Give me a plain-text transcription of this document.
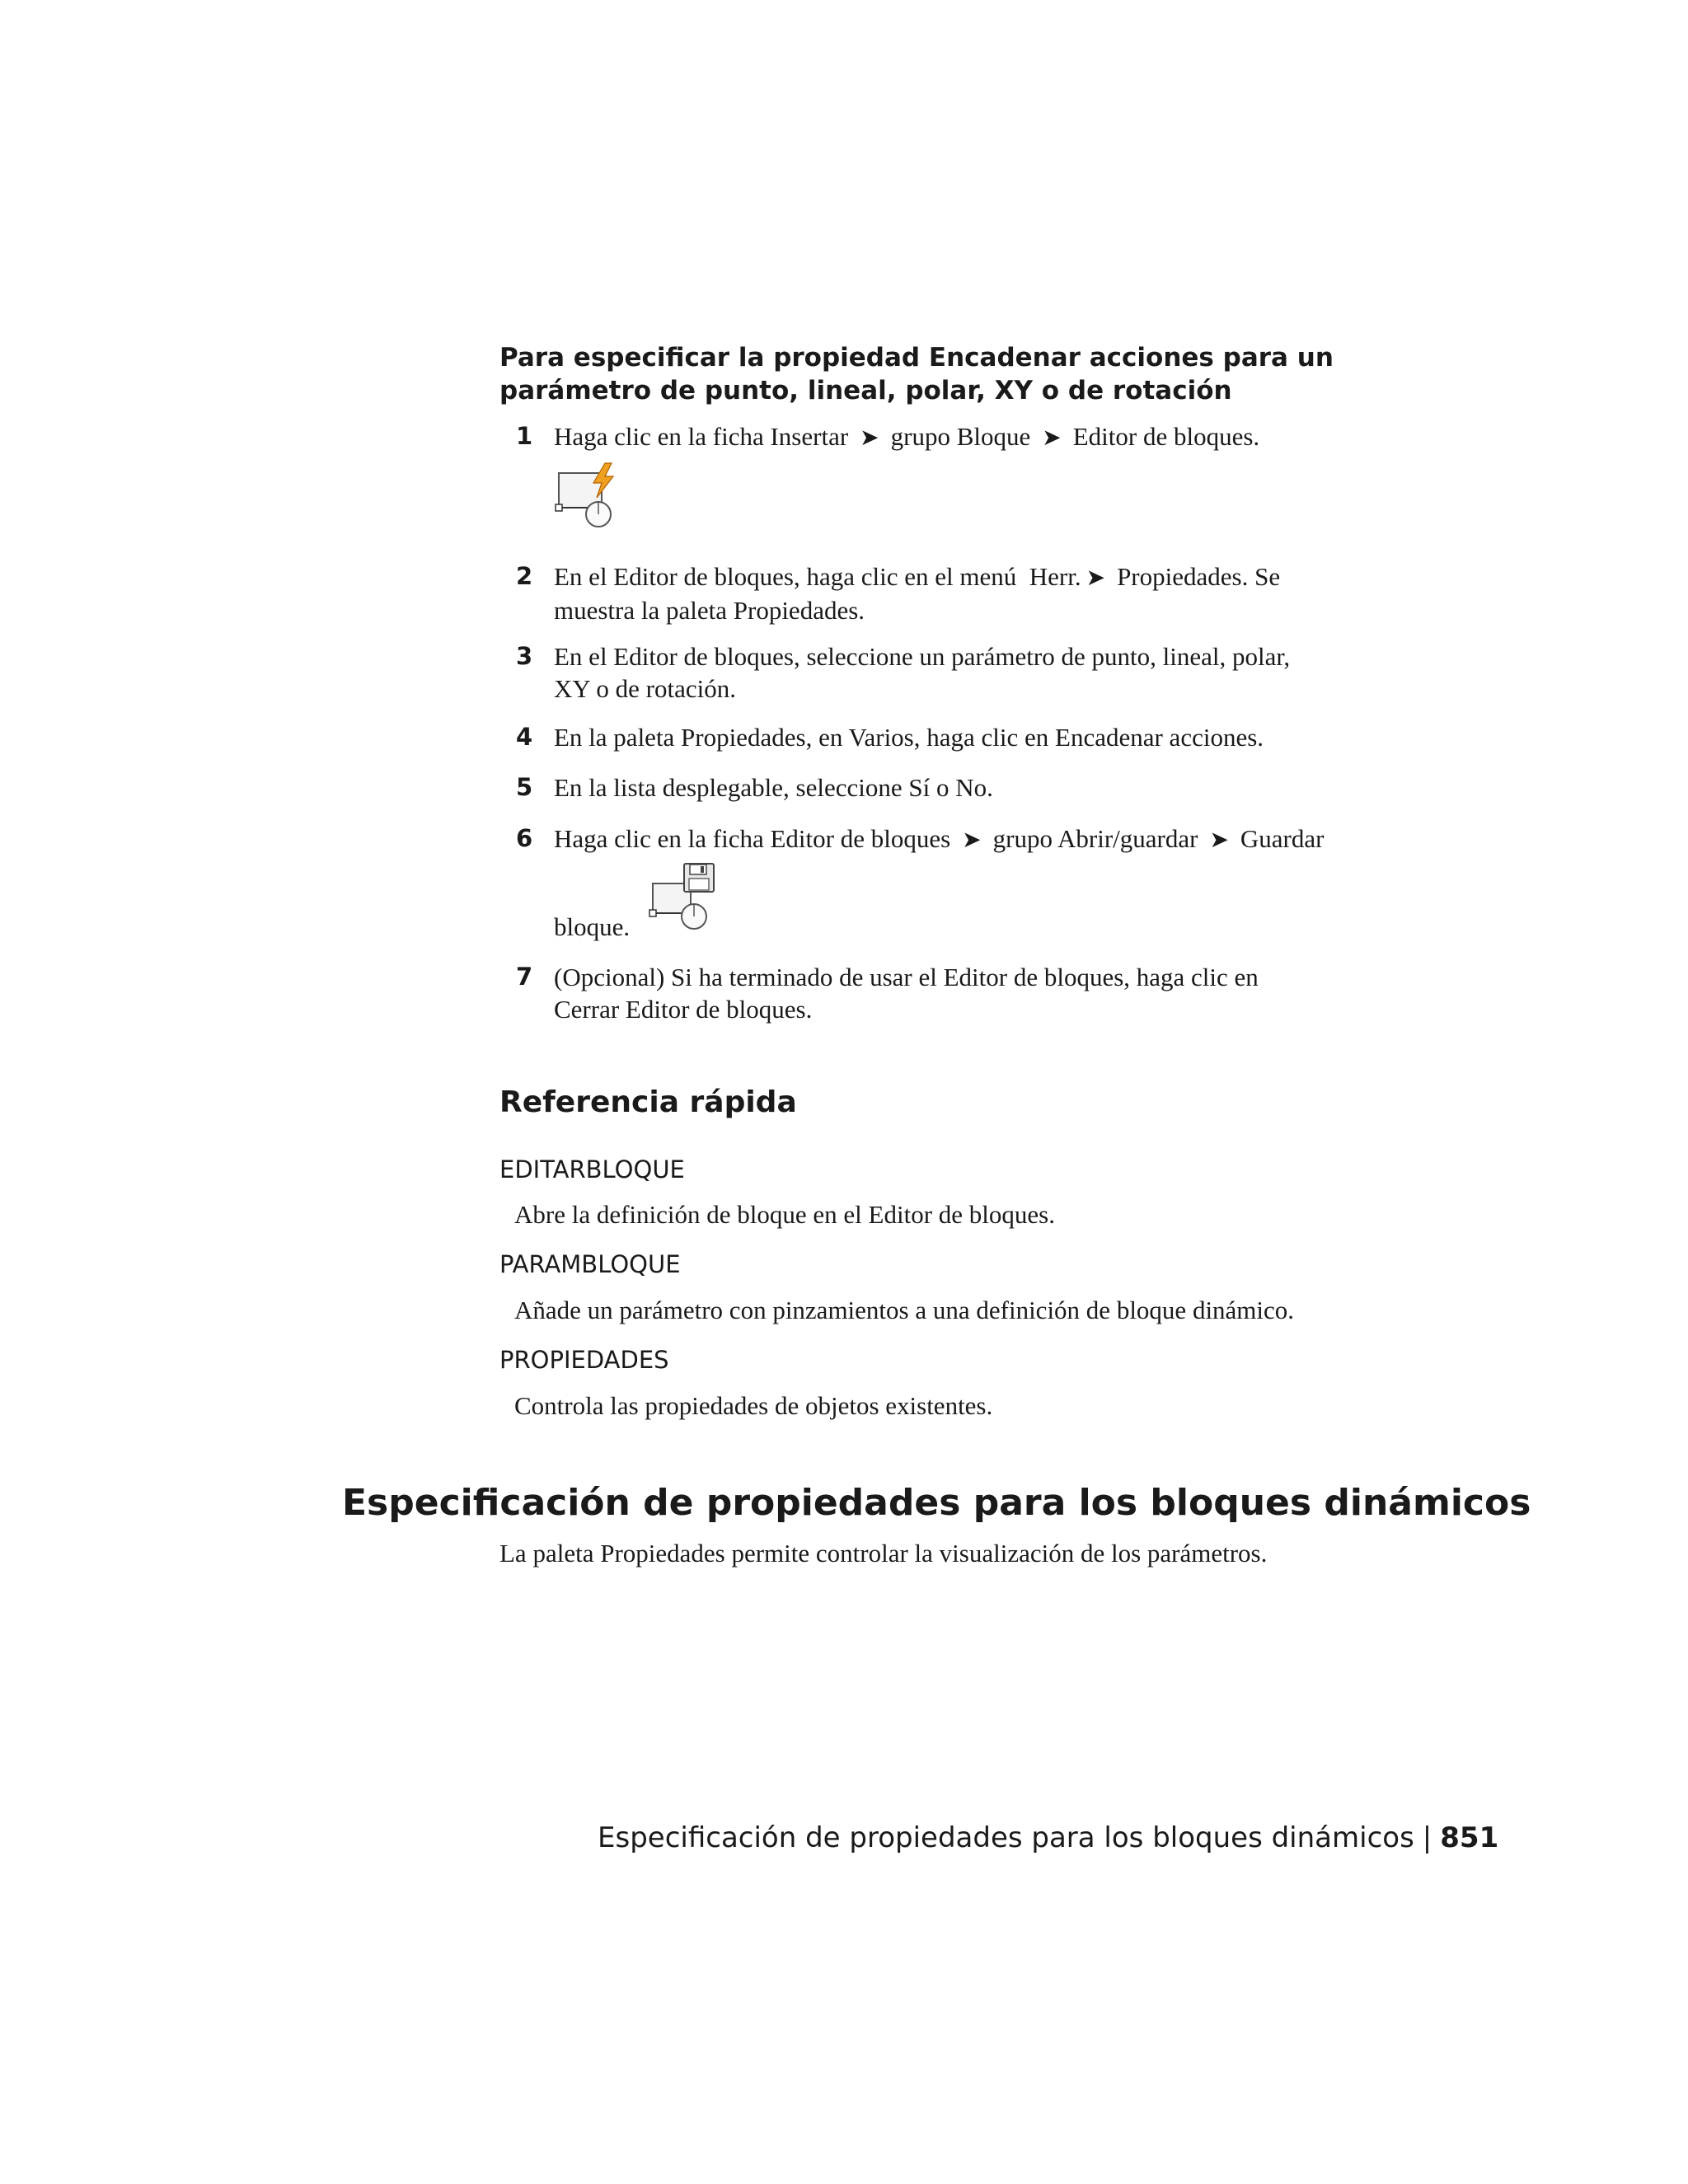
Para especificar la propiedad Encadenar acciones para un parámetro de punto, lineal, polar, XY o de rotación
1 Haga clic en la ficha Insertar ➤ grupo Bloque ➤ Editor de bloques.
2 En el Editor de bloques, haga clic en el menú  Herr. ➤ Propiedades. Se
muestra la paleta Propiedades.
3 En el Editor de bloques, seleccione un parámetro de punto, lineal, polar,
XY o de rotación.
4 En la paleta Propiedades, en Varios, haga clic en Encadenar acciones.
5 En la lista desplegable, seleccione Sí o No.
6 Haga clic en la ficha Editor de bloques ➤ grupo Abrir/guardar ➤ Guardar
bloque.
7 (Opcional) Si ha terminado de usar el Editor de bloques, haga clic en
Cerrar Editor de bloques.
Referencia rápida
EDITARBLOQUE
Abre la definición de bloque en el Editor de bloques.
PARAMBLOQUE
Añade un parámetro con pinzamientos a una definición de bloque dinámico.
PROPIEDADES
Controla las propiedades de objetos existentes.
Especificación de propiedades para los bloques dinámicos
La paleta Propiedades permite controlar la visualización de los parámetros.
Especificación de propiedades para los bloques dinámicos | 851
